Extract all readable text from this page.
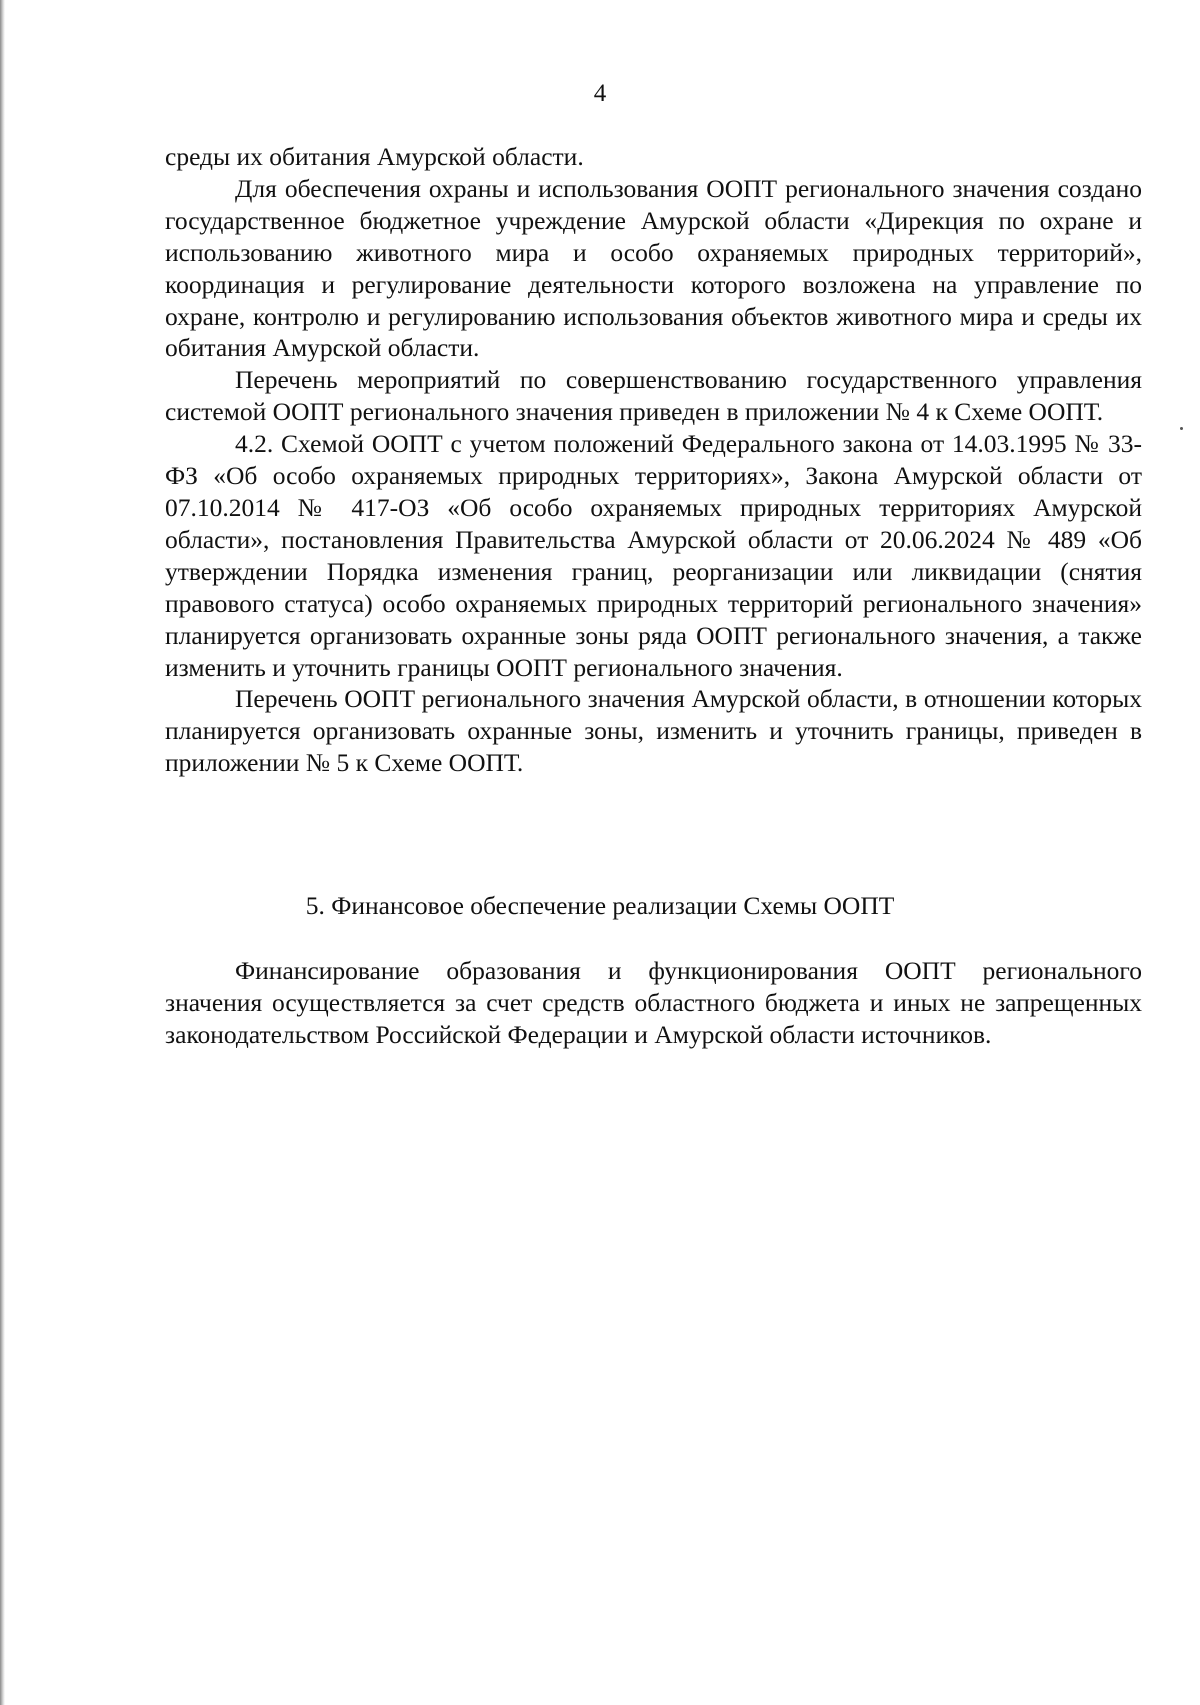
4

среды их обитания Амурской области.

Для обеспечения охраны и использования ООПТ регионального значения создано государственное бюджетное учреждение Амурской области «Дирекция по охране и использованию животного мира и особо охраняемых природных территорий», координация и регулирование деятельности которого возложена на управление по охране, контролю и регулированию использования объектов животного мира и среды их обитания Амурской области.

Перечень мероприятий по совершенствованию государственного управления системой ООПТ регионального значения приведен в приложении № 4 к Схеме ООПТ.

4.2. Схемой ООПТ с учетом положений Федерального закона от 14.03.1995 № 33-ФЗ «Об особо охраняемых природных территориях», Закона Амурской области от 07.10.2014 № 417-ОЗ «Об особо охраняемых природных территориях Амурской области», постановления Правительства Амурской области от 20.06.2024 № 489 «Об утверждении Порядка изменения границ, реорганизации или ликвидации (снятия правового статуса) особо охраняемых природных территорий регионального значения» планируется организовать охранные зоны ряда ООПТ регионального значения, а также изменить и уточнить границы ООПТ регионального значения.

Перечень ООПТ регионального значения Амурской области, в отношении которых планируется организовать охранные зоны, изменить и уточнить границы, приведен в приложении № 5 к Схеме ООПТ.

5. Финансовое обеспечение реализации Схемы ООПТ

Финансирование образования и функционирования ООПТ регионального значения осуществляется за счет средств областного бюджета и иных не запрещенных законодательством Российской Федерации и Амурской области источников.
